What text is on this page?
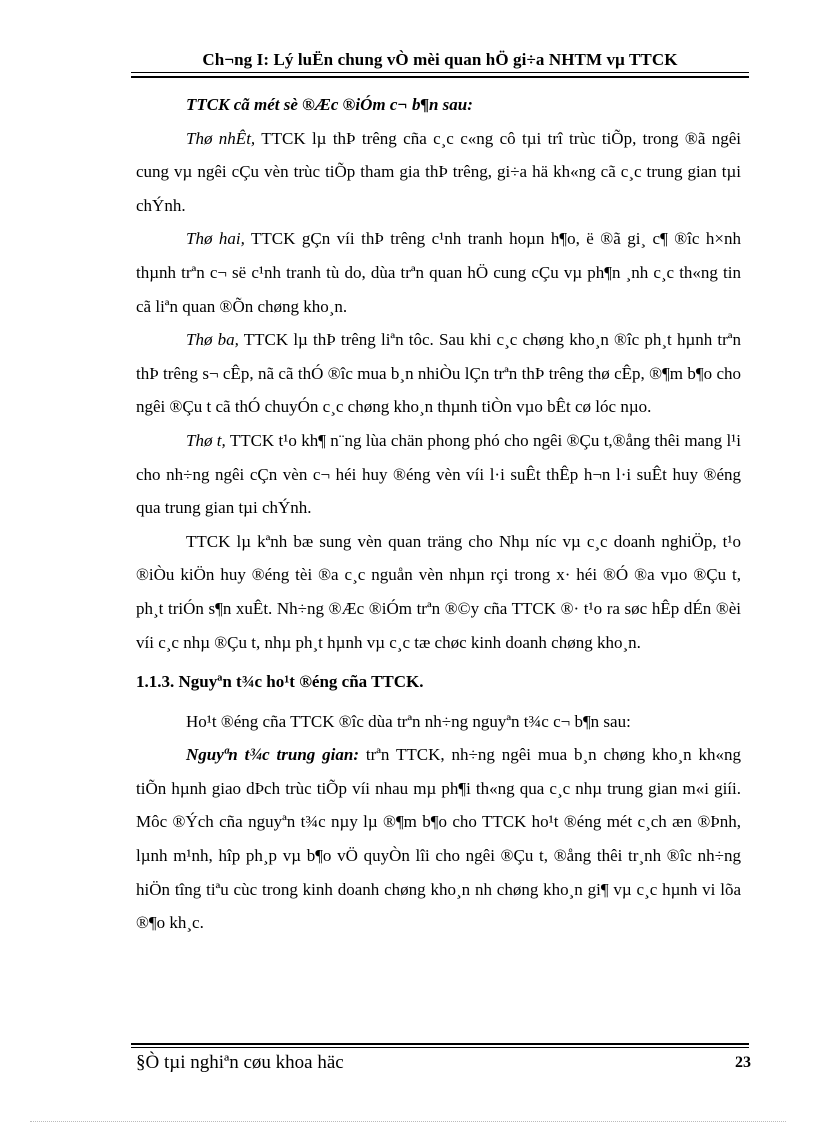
Ch¬ng I: Lý luËn chung vÒ mèi quan hÖ gi÷a NHTM vµ TTCK

TTCK cã mét sè ®Æc ®iÓm c¬ b¶n sau:

Thø nhÊt, TTCK lµ thÞ trêng cña c¸c c«ng cô tµi trî trùc tiÕp, trong ®ã ngêi cung vµ ngêi cÇu vèn trùc tiÕp tham gia thÞ trêng, gi÷a hä kh«ng cã c¸c trung gian tµi chÝnh.

Thø hai, TTCK gÇn víi thÞ trêng c¹nh tranh hoµn h¶o, ë ®ã gi¸ c¶ ®îc h×nh thµnh trªn c¬ së c¹nh tranh tù do, dùa trªn quan hÖ cung cÇu vµ ph¶n ¸nh c¸c th«ng tin cã liªn quan ®Õn chøng kho¸n.

Thø ba, TTCK lµ thÞ trêng liªn tôc. Sau khi c¸c chøng kho¸n ®îc ph¸t hµnh trªn thÞ trêng s¬ cÊp, nã cã thÓ ®îc mua b¸n nhiÒu lÇn trªn thÞ trêng thø cÊp, ®¶m b¶o cho ngêi ®Çu t cã thÓ chuyÓn c¸c chøng kho¸n thµnh tiÒn vµo bÊt cø lóc nµo.

Thø t, TTCK t¹o kh¶ n¨ng lùa chän phong phó cho ngêi ®Çu t,®ång thêi mang l¹i cho nh÷ng ngêi cÇn vèn c¬ héi huy ®éng vèn víi l·i suÊt thÊp h¬n l·i suÊt huy ®éng qua trung gian tµi chÝnh.

TTCK lµ kªnh bæ sung vèn quan träng cho Nhµ níc vµ c¸c doanh nghiÖp, t¹o ®iÒu kiÖn huy ®éng tèi ®a c¸c nguån vèn nhµn rçi trong x· héi ®Ó ®a vµo ®Çu t, ph¸t triÓn s¶n xuÊt. Nh÷ng ®Æc ®iÓm trªn ®©y cña TTCK ®· t¹o ra søc hÊp dÉn ®èi víi c¸c nhµ ®Çu t, nhµ ph¸t hµnh vµ c¸c tæ chøc kinh doanh chøng kho¸n.

1.1.3. Nguyªn t¾c ho¹t ®éng cña TTCK.

Ho¹t ®éng cña TTCK ®îc dùa trªn nh÷ng nguyªn t¾c c¬ b¶n sau:

Nguyªn t¾c trung gian: trªn TTCK, nh÷ng ngêi mua b¸n chøng kho¸n kh«ng tiÕn hµnh giao dÞch trùc tiÕp víi nhau mµ ph¶i th«ng qua c¸c nhµ trung gian m«i giíi. Môc ®Ých cña nguyªn t¾c nµy lµ ®¶m b¶o cho TTCK ho¹t ®éng mét c¸ch æn ®Þnh, lµnh m¹nh, hîp ph¸p vµ b¶o vÖ quyÒn lîi cho ngêi ®Çu t, ®ång thêi tr¸nh ®îc nh÷ng hiÖn tîng tiªu cùc trong kinh doanh chøng kho¸n nh chøng kho¸n gi¶ vµ c¸c hµnh vi lõa ®¶o kh¸c.

§Ò tµi nghiªn cøu khoa häc	23
